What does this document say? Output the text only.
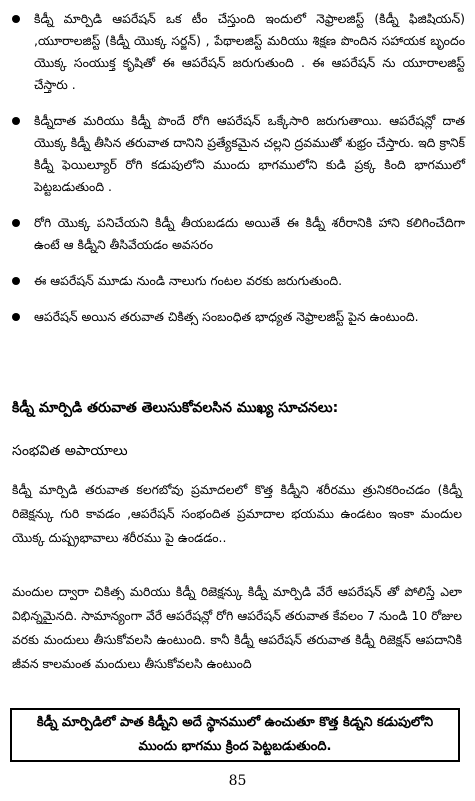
కిడ్నీ మార్పిడి ఆపరేషన్ ఒక టీం చేస్తుంది ఇందులో నెఫ్రాలజిస్ట్ (కిడ్నీ ఫిజిషియన్) ,యూరాలజిస్ట్ (కిడ్నీ యొక్క సర్జన్) , పేథాలజిస్ట్ మరియు శిక్షణ పొందిన సహాయక బృందం యొక్క సంయుక్త కృషితో ఈ ఆపరేషన్ జరుగుతుంది . ఈ ఆపరేషన్ ను యూరాలజిస్ట్ చేస్తారు .
కిడ్నీదాత మరియు కిడ్నీ పొందే రోగి ఆపరేషన్ ఒక్కేసారి జరుగుతాయి. ఆపరేషన్లో దాత యొక్క కిడ్నీ తీసిన తరువాత దానిని ప్రత్యేకమైన చల్లని ద్రవముతో శుభ్రం చేస్తారు. ఇది క్రానిక్ కిడ్నీ ఫెయిల్యూర్ రోగి కడుపులోని ముందు భాగములోని కుడి ప్రక్క కింది భాగములో పెట్టబడుతుంది .
రోగి యొక్క పనిచేయని కిడ్నీ తీయబడదు అయితే ఈ కిడ్నీ శరీరానికి హాని కలిగించేదిగా ఉంటే ఆ కిడ్నీని తీసివేయడం అవసరం
ఈ ఆపరేషన్ మూడు నుండి నాలుగు గంటల వరకు జరుగుతుంది.
ఆపరేషన్ అయిన తరువాత చికిత్స సంబంధిత భాధ్యత నెఫ్రాలజిస్ట్ పైన ఉంటుంది.
కిడ్నీ మార్పిడి తరువాత తెలుసుకోవలసిన ముఖ్య సూచనలు:
సంభవిత అపాయాలు
కిడ్నీ మార్పిడి తరువాత కలగబోవు ప్రమాదలలో కొత్త కిడ్నీని శరీరము త్రునికరించడం (కిడ్నీ రిజెక్షన్కు గురి కావడం ,ఆపరేషన్ సంభందిత ప్రమాదాల భయము ఉండటం ఇంకా మందుల యొక్క దుష్ప్రభావాలు శరీరము పై ఉండడం..
మందుల ద్వారా చికిత్స మరియు కిడ్నీ రిజెక్షన్కు కిడ్నీ మార్పిడి వేరే ఆపరేషన్ తో పోలిస్తే ఎలా విభిన్నమైనది. సామాన్యంగా వేరే ఆపరేషన్లో రోగి ఆపరేషన్ తరువాత కేవలం 7 నుండి 10 రోజుల వరకు మందులు తీసుకోవలసి ఉంటుంది. కానీ కిడ్నీ ఆపరేషన్ తరువాత కిడ్నీ రిజెక్షన్ ఆపదానికి జీవన కాలమంత మందులు తీసుకోవలసి ఉంటుంది
కిడ్నీ మార్పిడిలో పాత కిడ్నీని అదే స్థానములో ఉంచుతూ కొత్త కిడ్నని కడుపులోని ముందు భాగము క్రింద పెట్టబడుతుంది.
85
